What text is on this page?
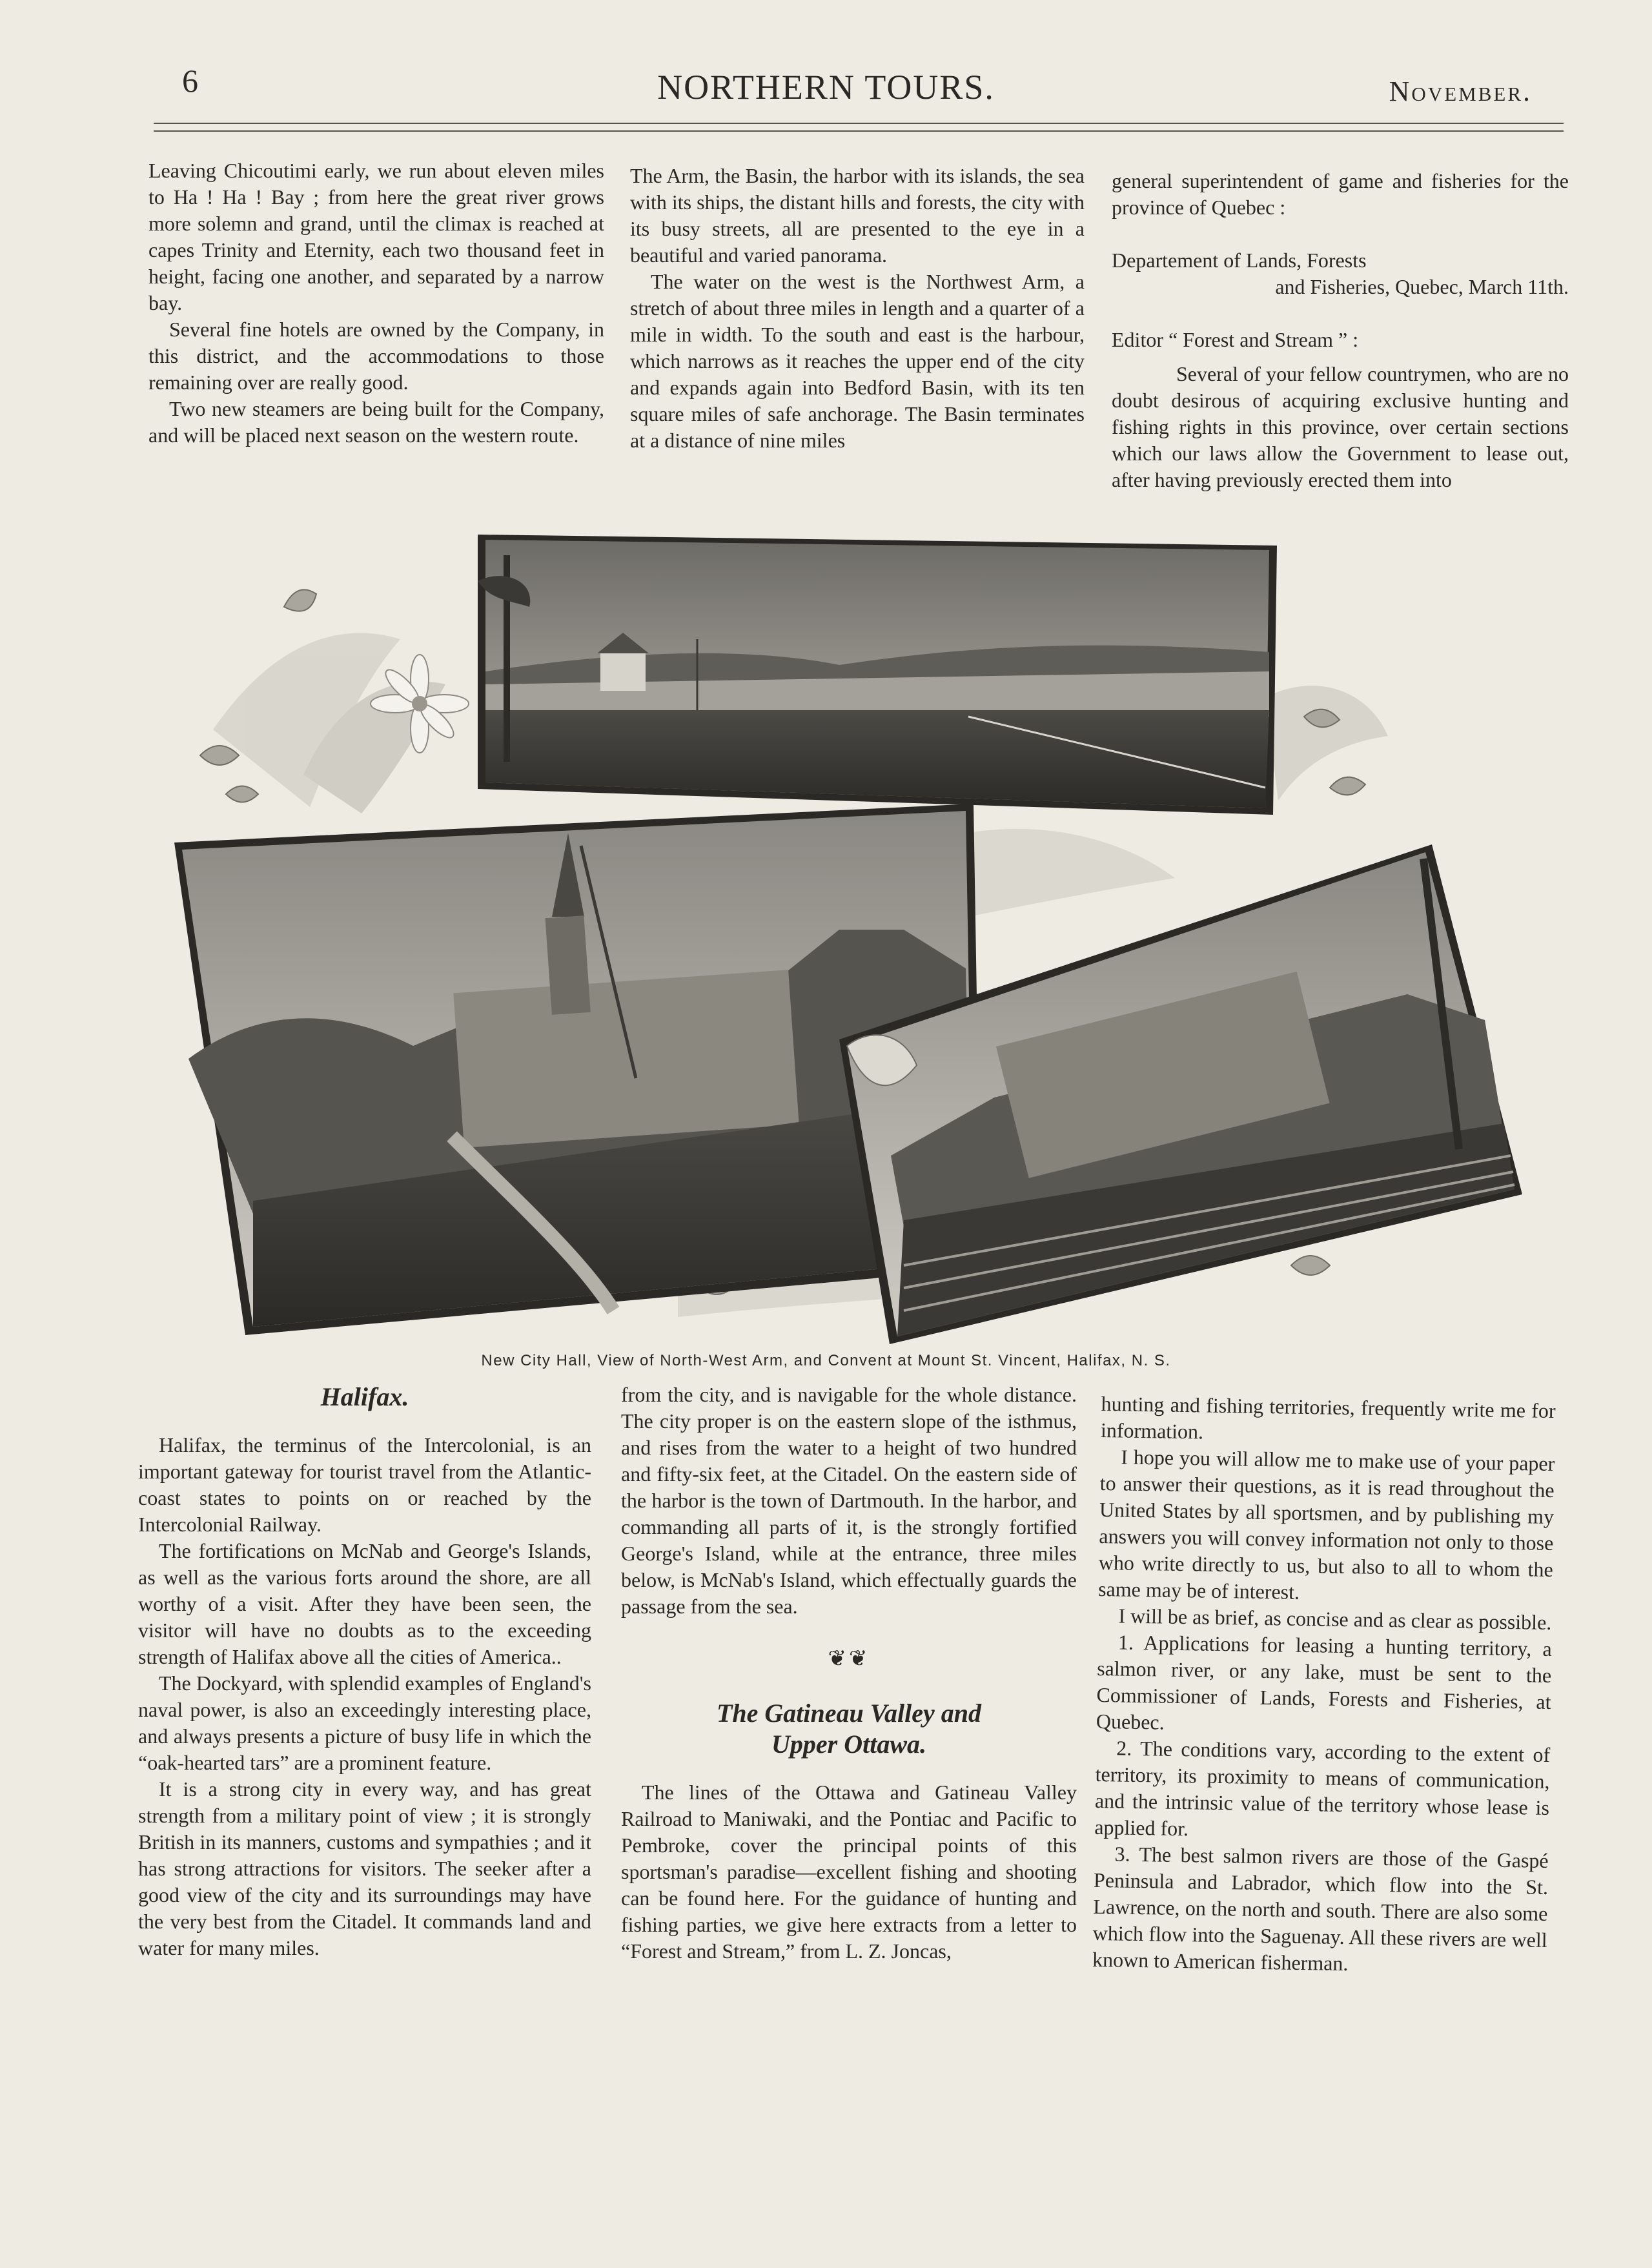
6	NORTHERN TOURS.	November.

Leaving Chicoutimi early, we run about eleven miles to Ha ! Ha ! Bay ; from here the great river grows more solemn and grand, until the climax is reached at capes Trinity and Eternity, each two thousand feet in height, facing one another, and separated by a narrow bay.

Several fine hotels are owned by the Company, in this district, and the accommodations to those remaining over are really good.

Two new steamers are being built for the Company, and will be placed next season on the western route.

The Arm, the Basin, the harbor with its islands, the sea with its ships, the distant hills and forests, the city with its busy streets, all are presented to the eye in a beautiful and varied panorama.

The water on the west is the Northwest Arm, a stretch of about three miles in length and a quarter of a mile in width. To the south and east is the harbour, which narrows as it reaches the upper end of the city and expands again into Bedford Basin, with its ten square miles of safe anchorage. The Basin terminates at a distance of nine miles

general superintendent of game and fisheries for the province of Quebec :

Departement of Lands, Forests

and Fisheries, Quebec, March 11th.

Editor “ Forest and Stream ” :

Several of your fellow countrymen, who are no doubt desirous of acquiring exclusive hunting and fishing rights in this province, over certain sections which our laws allow the Government to lease out, after having previously erected them into

New City Hall, View of North-West Arm, and Convent at Mount St. Vincent, Halifax, N. S.
Halifax.

Halifax, the terminus of the Intercolonial, is an important gateway for tourist travel from the Atlantic-coast states to points on or reached by the Intercolonial Railway.

The fortifications on McNab and George's Islands, as well as the various forts around the shore, are all worthy of a visit. After they have been seen, the visitor will have no doubts as to the exceeding strength of Halifax above all the cities of America..

The Dockyard, with splendid examples of England's naval power, is also an exceedingly interesting place, and always presents a picture of busy life in which the “oak-hearted tars” are a prominent feature.

It is a strong city in every way, and has great strength from a military point of view ; it is strongly British in its manners, customs and sympathies ; and it has strong attractions for visitors. The seeker after a good view of the city and its surroundings may have the very best from the Citadel. It commands land and water for many miles.

from the city, and is navigable for the whole distance. The city proper is on the eastern slope of the isthmus, and rises from the water to a height of two hundred and fifty-six feet, at the Citadel. On the eastern side of the harbor is the town of Dartmouth. In the harbor, and commanding all parts of it, is the strongly fortified George's Island, while at the entrance, three miles below, is McNab's Island, which effectually guards the passage from the sea.

❦❦
The Gatineau Valley and
Upper Ottawa.

The lines of the Ottawa and Gatineau Valley Railroad to Maniwaki, and the Pontiac and Pacific to Pembroke, cover the principal points of this sportsman's paradise—excellent fishing and shooting can be found here. For the guidance of hunting and fishing parties, we give here extracts from a letter to “Forest and Stream,” from L. Z. Joncas,

hunting and fishing territories, frequently write me for information.

I hope you will allow me to make use of your paper to answer their questions, as it is read throughout the United States by all sportsmen, and by publishing my answers you will convey information not only to those who write directly to us, but also to all to whom the same may be of interest.

I will be as brief, as concise and as clear as possible.

1. Applications for leasing a hunting territory, a salmon river, or any lake, must be sent to the Commissioner of Lands, Forests and Fisheries, at Quebec.

2. The conditions vary, according to the extent of territory, its proximity to means of communication, and the intrinsic value of the territory whose lease is applied for.

3. The best salmon rivers are those of the Gaspé Peninsula and Labrador, which flow into the St. Lawrence, on the north and south. There are also some which flow into the Saguenay. All these rivers are well known to American fisherman.
